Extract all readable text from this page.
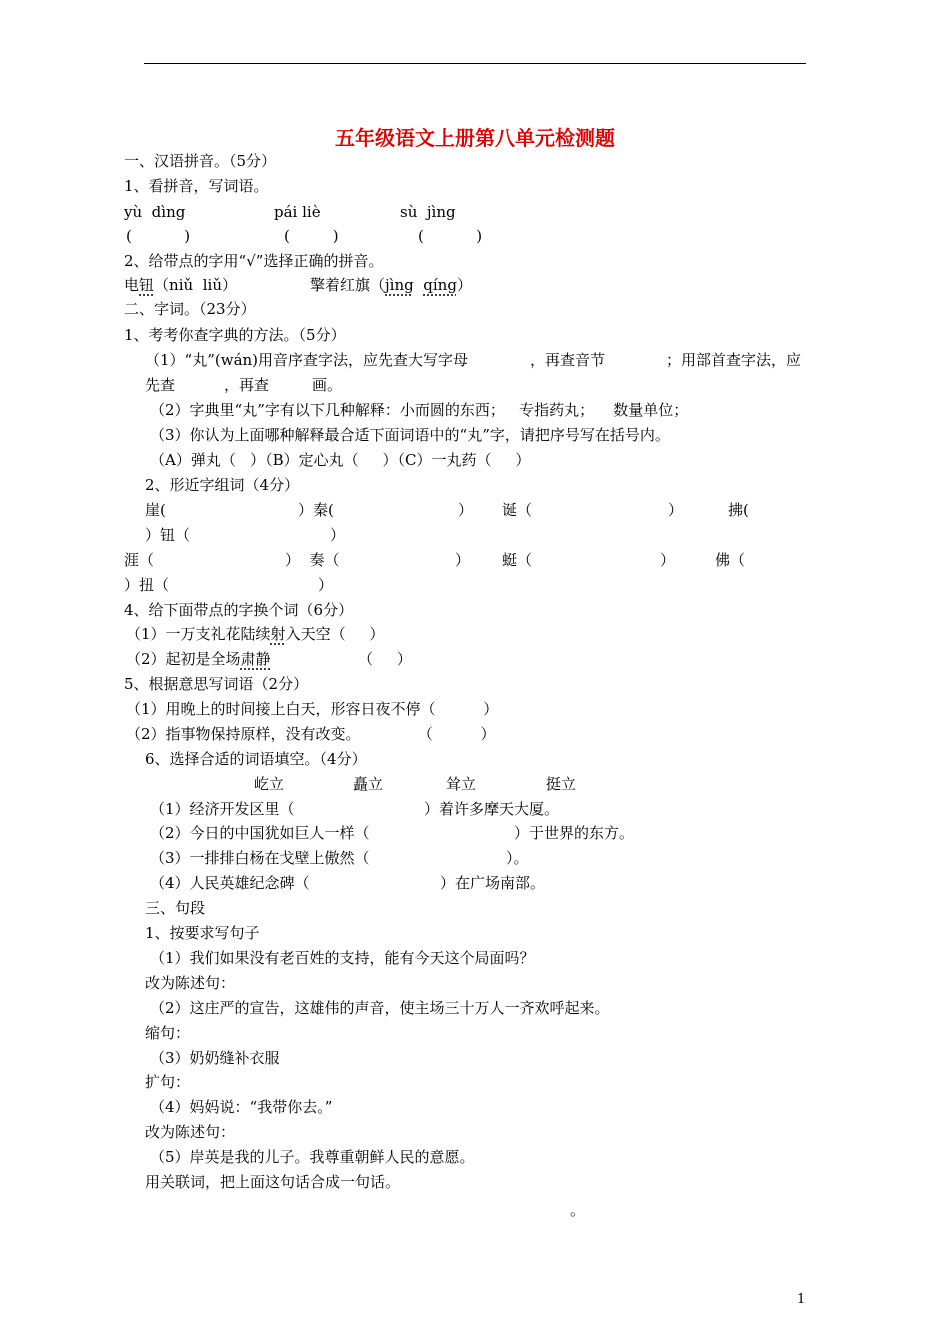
五年级语文上册第八单元检测题
一、汉语拼音。（5分）
1、看拼音，写词语。
yù  dìng	pái liè	sù  jìng
(           )	(         )	(           )
2、给带点的字用“√”选择正确的拼音。
电钮（niǔ liǔ）	擎着红旗（jìng qíng）
二、字词。（23分）
1、考考你查字典的方法。（5分）
（1）“丸”(wán)用音序查字法，应先查大写字母	，再查音节	；用部首查字法，应
先查	，再查	画。
（2）字典里“丸”字有以下几种解释：小而圆的东西；   专指药丸；    数量单位；
（3）你认为上面哪种解释最合适下面词语中的“丸”字，请把序号写在括号内。
（A）弹丸（   ）（B）定心丸（     ）（C）一丸药（     ）
2、形近字组词（4分）
崖(	）秦(	） 诞（	）	拂(
）钮（	）
涯（	）  奏（	） 蜓（	）	佛（
）扭（	）
4、给下面带点的字换个词（6分）
（1）一万支礼花陆续射入天空（     ）
（2）起初是全场肃静	（     ）
5、根据意思写词语（2分）
（1）用晚上的时间接上白天，形容日夜不停（          ）
（2）指事物保持原样，没有改变。            （          ）
6、选择合适的词语填空。（4分）
屹立	矗立	耸立	挺立
（1）经济开发区里（	）着许多摩天大厦。
（2）今日的中国犹如巨人一样（	）于世界的东方。
（3）一排排白杨在戈壁上傲然（	）。
（4）人民英雄纪念碑（	）在广场南部。
三、句段
1、按要求写句子
（1）我们如果没有老百姓的支持，能有今天这个局面吗？
改为陈述句：
（2）这庄严的宣告，这雄伟的声音，使主场三十万人一齐欢呼起来。
缩句：
（3）奶奶缝补衣服
扩句：
（4）妈妈说：“我带你去。”
改为陈述句：
（5）岸英是我的儿子。我尊重朝鲜人民的意愿。
用关联词，把上面这句话合成一句话。
。
1
